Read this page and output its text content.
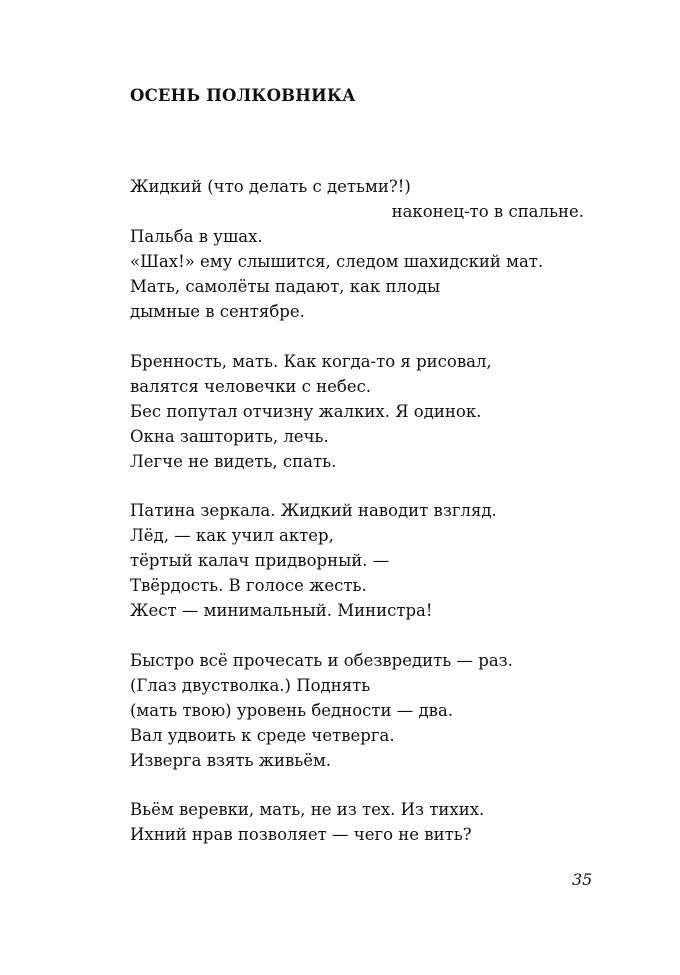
ОСЕНЬ ПОЛКОВНИКА
Жидкий (что делать с детьми?!)
наконец-то в спальне.
Пальба в ушах.
«Шах!» ему слышится, следом шахидский мат.
Мать, самолёты падают, как плоды
дымные в сентябре.
Бренность, мать. Как когда-то я рисовал,
валятся человечки с небес.
Бес попутал отчизну жалких. Я одинок.
Окна зашторить, лечь.
Легче не видеть, спать.
Патина зеркала. Жидкий наводит взгляд.
Лёд, — как учил актер,
тёртый калач придворный. —
Твёрдость. В голосе жесть.
Жест — минимальный. Министра!
Быстро всё прочесать и обезвредить — раз.
(Глаз двустволка.) Поднять
(мать твою) уровень бедности — два.
Вал удвоить к среде четверга.
Изверга взять живьём.
Вьём веревки, мать, не из тех. Из тихих.
Ихний нрав позволяет — чего не вить?
35
